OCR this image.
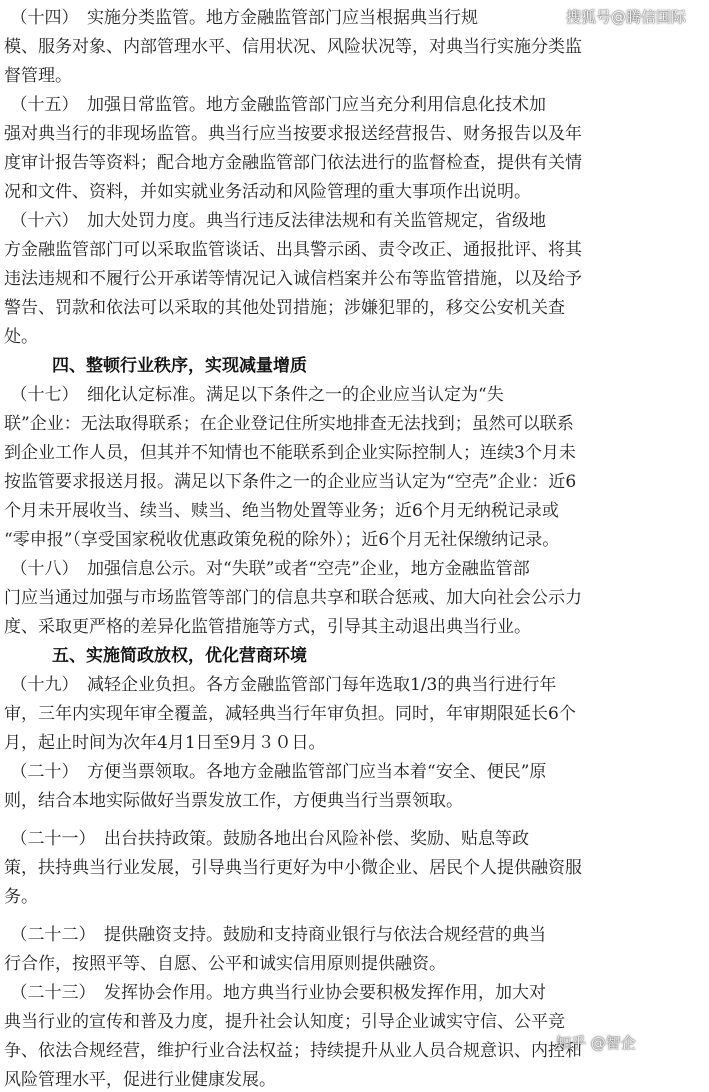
　（十四）　实施分类监管。地方金融监管部门应当根据典当行规
模、服务对象、内部管理水平、信用状况、风险状况等，对典当行实施分类监
督管理。
　（十五）　加强日常监管。地方金融监管部门应当充分利用信息化技术加
强对典当行的非现场监管。典当行应当按要求报送经营报告、财务报告以及年
度审计报告等资料；配合地方金融监管部门依法进行的监督检查，提供有关情
况和文件、资料，并如实就业务活动和风险管理的重大事项作出说明。
　（十六）　加大处罚力度。典当行违反法律法规和有关监管规定，省级地
方金融监管部门可以采取监管谈话、出具警示函、责令改正、通报批评、将其
违法违规和不履行公开承诺等情况记入诚信档案并公布等监管措施，以及给予
警告、罚款和依法可以采取的其他处罚措施；涉嫌犯罪的，移交公安机关查
处。
四、整顿行业秩序，实现减量增质
　（十七）　细化认定标准。满足以下条件之一的企业应当认定为“失
联”企业：无法取得联系；在企业登记住所实地排查无法找到；虽然可以联系
到企业工作人员，但其并不知情也不能联系到企业实际控制人；连续3个月未
按监管要求报送月报。满足以下条件之一的企业应当认定为“空壳”企业：近6
个月未开展收当、续当、赎当、绝当物处置等业务；近6个月无纳税记录或
“零申报”（享受国家税收优惠政策免税的除外）；近6个月无社保缴纳记录。
　（十八）　加强信息公示。对“失联”或者“空壳”企业，地方金融监管部
门应当通过加强与市场监管等部门的信息共享和联合惩戒、加大向社会公示力
度、采取更严格的差异化监管措施等方式，引导其主动退出典当行业。
五、实施简政放权，优化营商环境
　（十九）　减轻企业负担。各方金融监管部门每年选取1/3的典当行进行年
审，三年内实现年审全覆盖，减轻典当行年审负担。同时，年审期限延长6个
月，起止时间为次年4月1日至9月３０日。
　（二十）　方便当票领取。各地方金融监管部门应当本着“安全、便民”原
则，结合本地实际做好当票发放工作，方便典当行当票领取。
　（二十一）　出台扶持政策。鼓励各地出台风险补偿、奖励、贴息等政
策，扶持典当行业发展，引导典当行更好为中小微企业、居民个人提供融资服
务。
　（二十二）　提供融资支持。鼓励和支持商业银行与依法合规经营的典当
行合作，按照平等、自愿、公平和诚实信用原则提供融资。
　（二十三）　发挥协会作用。地方典当行业协会要积极发挥作用，加大对
典当行业的宣传和普及力度，提升社会认知度；引导企业诚实守信、公平竞
争、依法合规经营，维护行业合法权益；持续提升从业人员合规意识、内控和
风险管理水平，促进行业健康发展。
搜狐号@腾信国际
知乎 @智企
